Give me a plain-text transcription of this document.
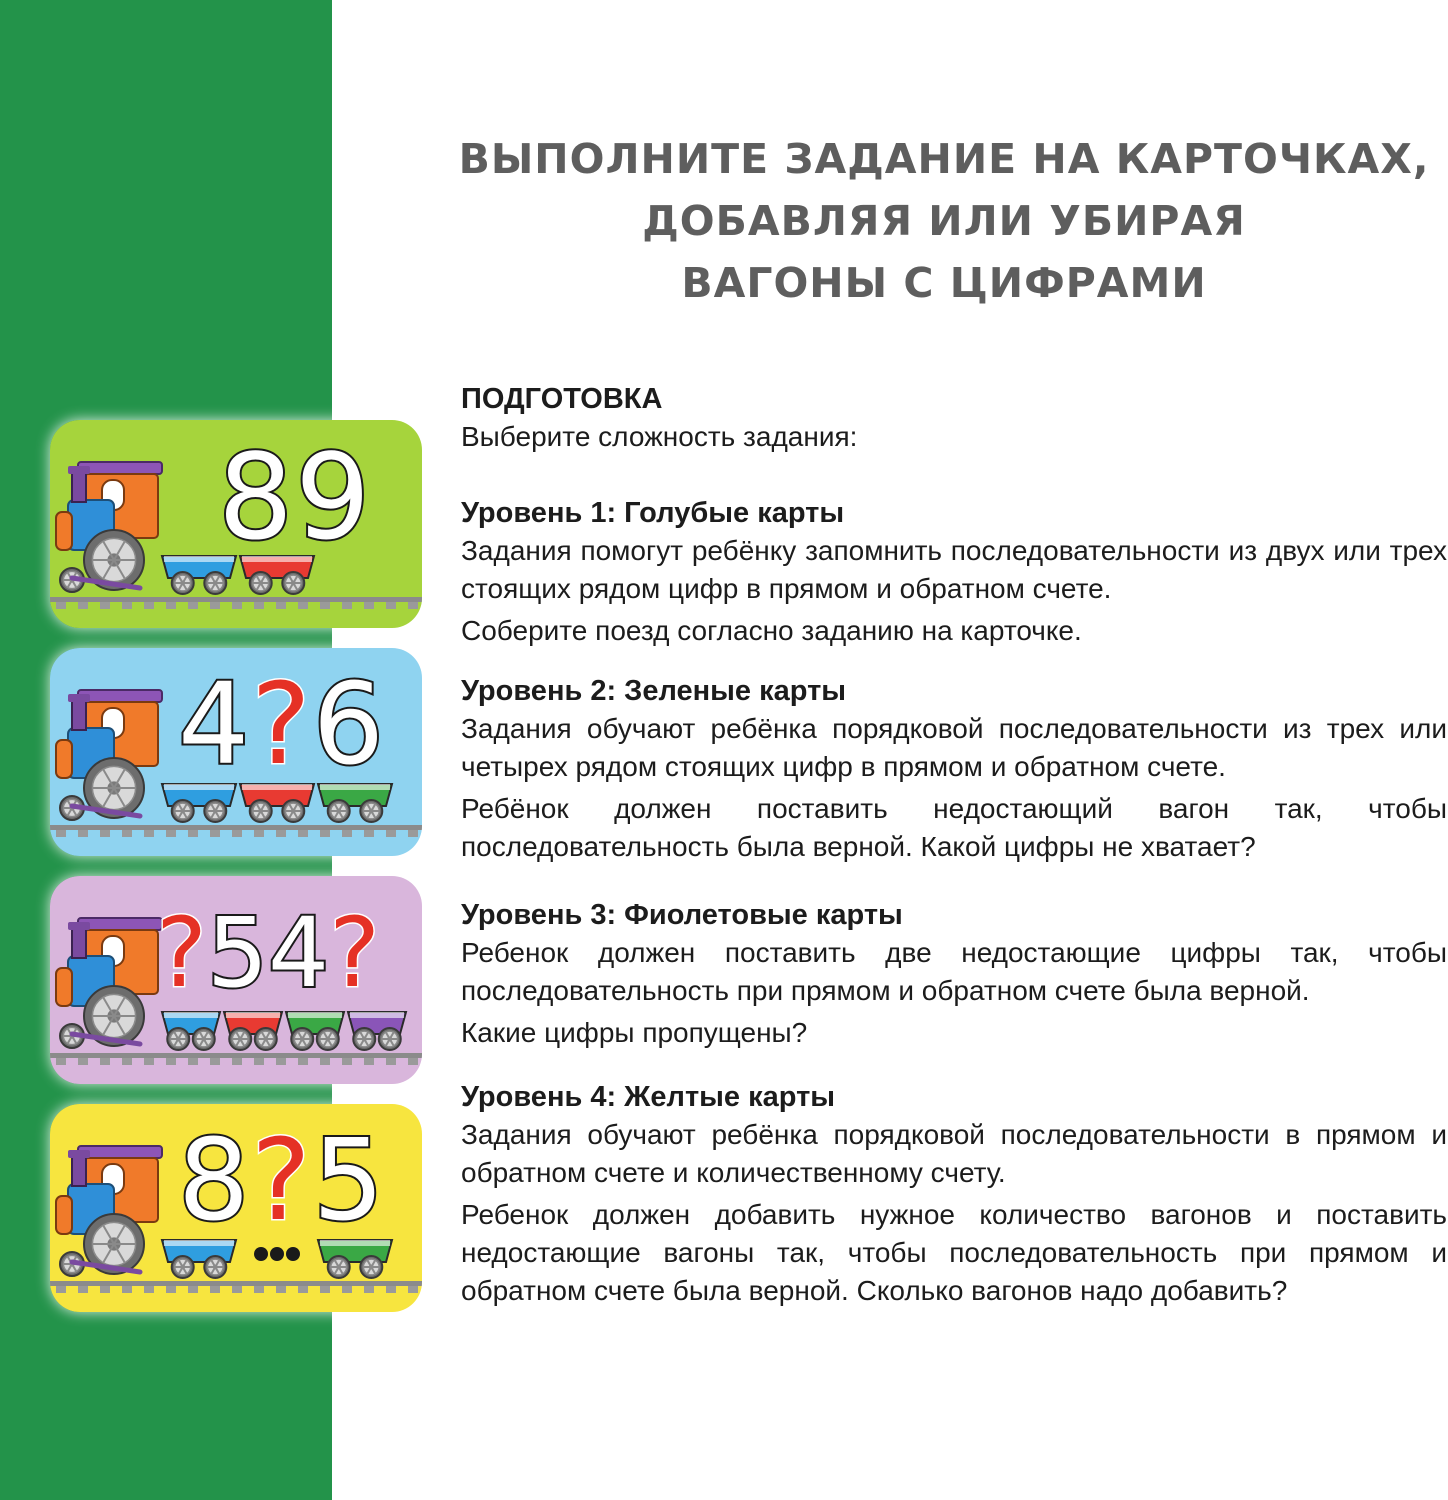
ВЫПОЛНИТЕ ЗАДАНИЕ НА КАРТОЧКАХ,
ДОБАВЛЯЯ ИЛИ УБИРАЯ
ВАГОНЫ С ЦИФРАМИ
8 9
4 ? 6
? 5 4 ?
8 ? 5
ПОДГОТОВКА

Выберите сложность задания:

Уровень 1: Голубые карты

Задания помогут ребёнку запомнить последовательности из двух или трех стоящих рядом цифр в прямом и обратном счете.

Соберите поезд согласно заданию на карточке.

Уровень 2: Зеленые карты

Задания обучают ребёнка порядковой последовательности из трех или четырех рядом стоящих цифр в прямом и обратном счете.

Ребёнок должен поставить недостающий вагон так, чтобы последовательность была верной. Какой цифры не хватает?

Уровень 3: Фиолетовые карты

Ребенок должен поставить две недостающие цифры так, чтобы последовательность при прямом и обратном счете была верной.

Какие цифры пропущены?

Уровень 4: Желтые карты

Задания обучают ребёнка порядковой последовательности в прямом и обратном счете и количественному счету.

Ребенок должен добавить нужное количество вагонов и поставить недостающие вагоны так, чтобы последовательность при прямом и обратном счете была верной. Сколько вагонов надо добавить?
